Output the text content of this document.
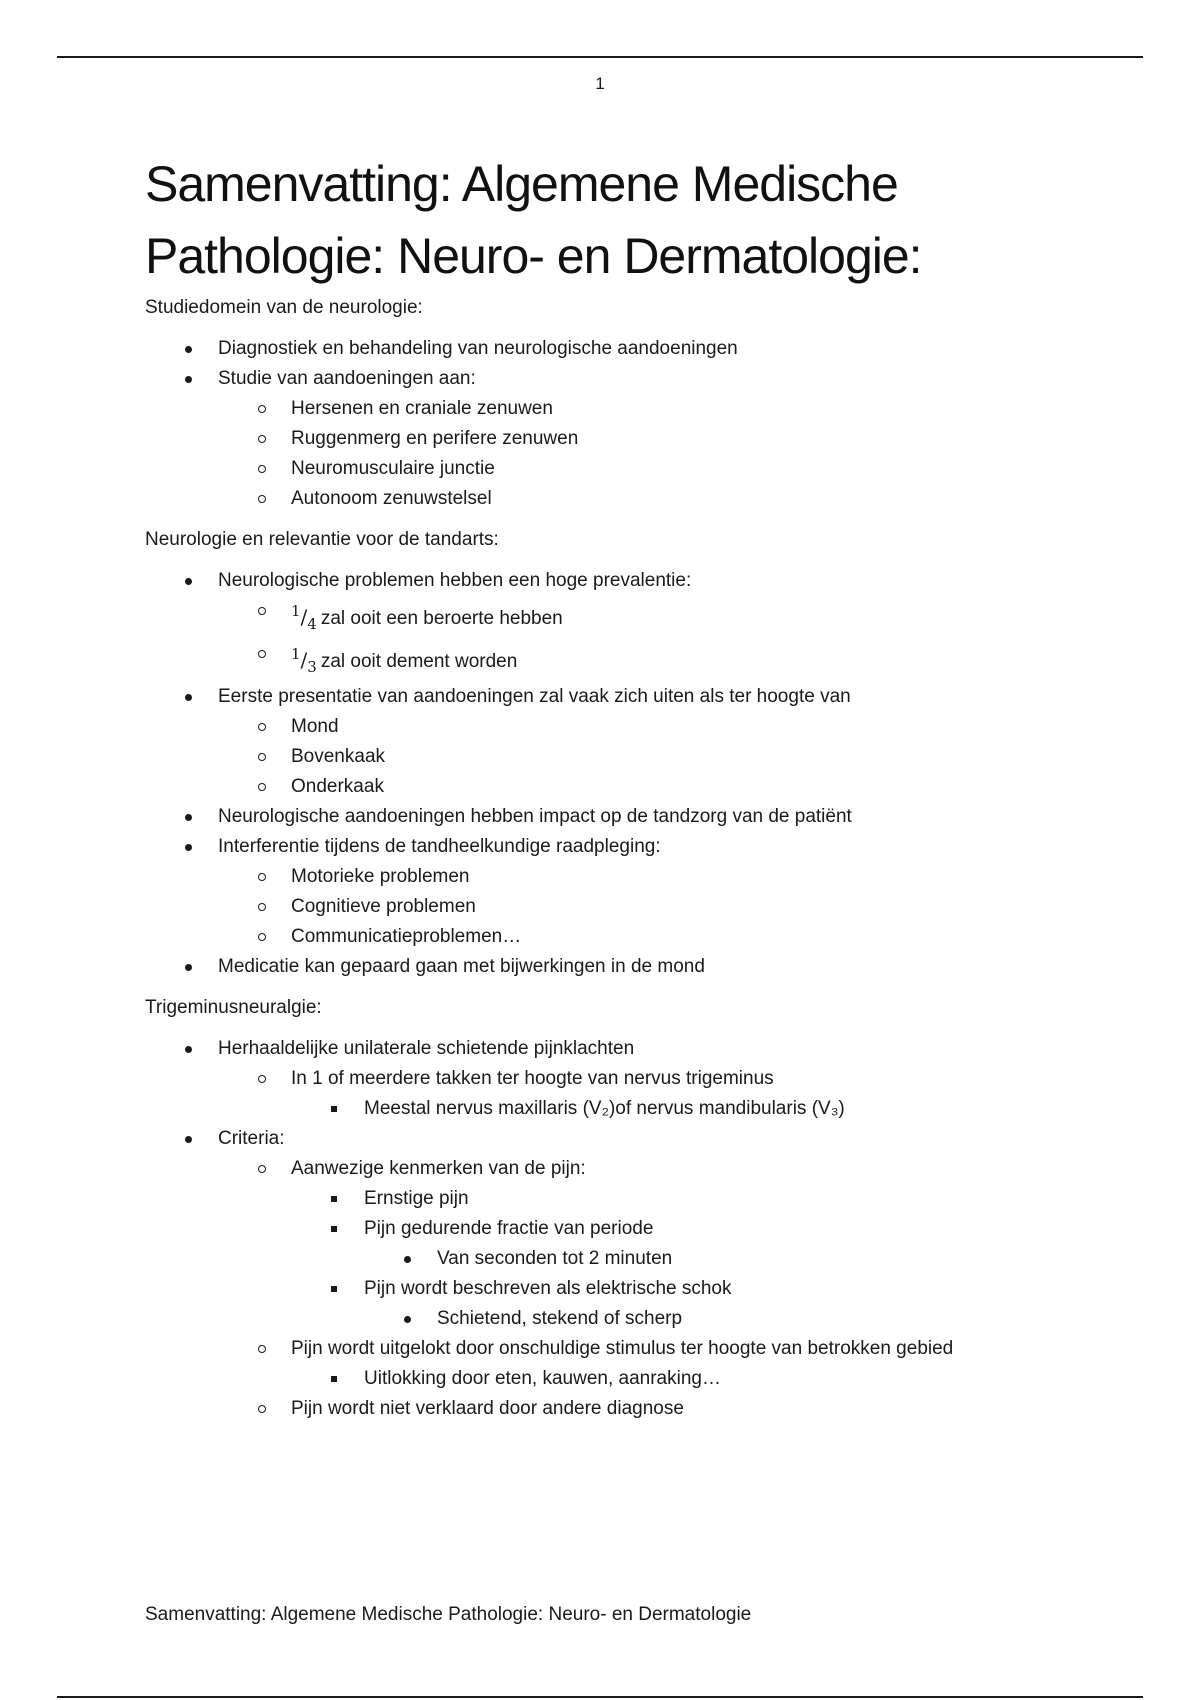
1
Samenvatting: Algemene Medische
Pathologie: Neuro- en Dermatologie:

Studiedomein van de neurologie:

Diagnostiek en behandeling van neurologische aandoeningen
Studie van aandoeningen aan:
Hersenen en craniale zenuwen
Ruggenmerg en perifere zenuwen
Neuromusculaire junctie
Autonoom zenuwstelsel

Neurologie en relevantie voor de tandarts:

Neurologische problemen hebben een hoge prevalentie:
$^1/_4$ zal ooit een beroerte hebben
$^1/_3$ zal ooit dement worden
Eerste presentatie van aandoeningen zal vaak zich uiten als ter hoogte van
Mond
Bovenkaak
Onderkaak
Neurologische aandoeningen hebben impact op de tandzorg van de patiënt
Interferentie tijdens de tandheelkundige raadpleging:
Motorieke problemen
Cognitieve problemen
Communicatieproblemen…
Medicatie kan gepaard gaan met bijwerkingen in de mond

Trigeminusneuralgie:

Herhaaldelijke unilaterale schietende pijnklachten
In 1 of meerdere takken ter hoogte van nervus trigeminus
Meestal nervus maxillaris (V₂)of nervus mandibularis (V₃)
Criteria:
Aanwezige kenmerken van de pijn:
Ernstige pijn
Pijn gedurende fractie van periode
Van seconden tot 2 minuten
Pijn wordt beschreven als elektrische schok
Schietend, stekend of scherp
Pijn wordt uitgelokt door onschuldige stimulus ter hoogte van betrokken gebied
Uitlokking door eten, kauwen, aanraking…
Pijn wordt niet verklaard door andere diagnose
Samenvatting: Algemene Medische Pathologie: Neuro- en Dermatologie
